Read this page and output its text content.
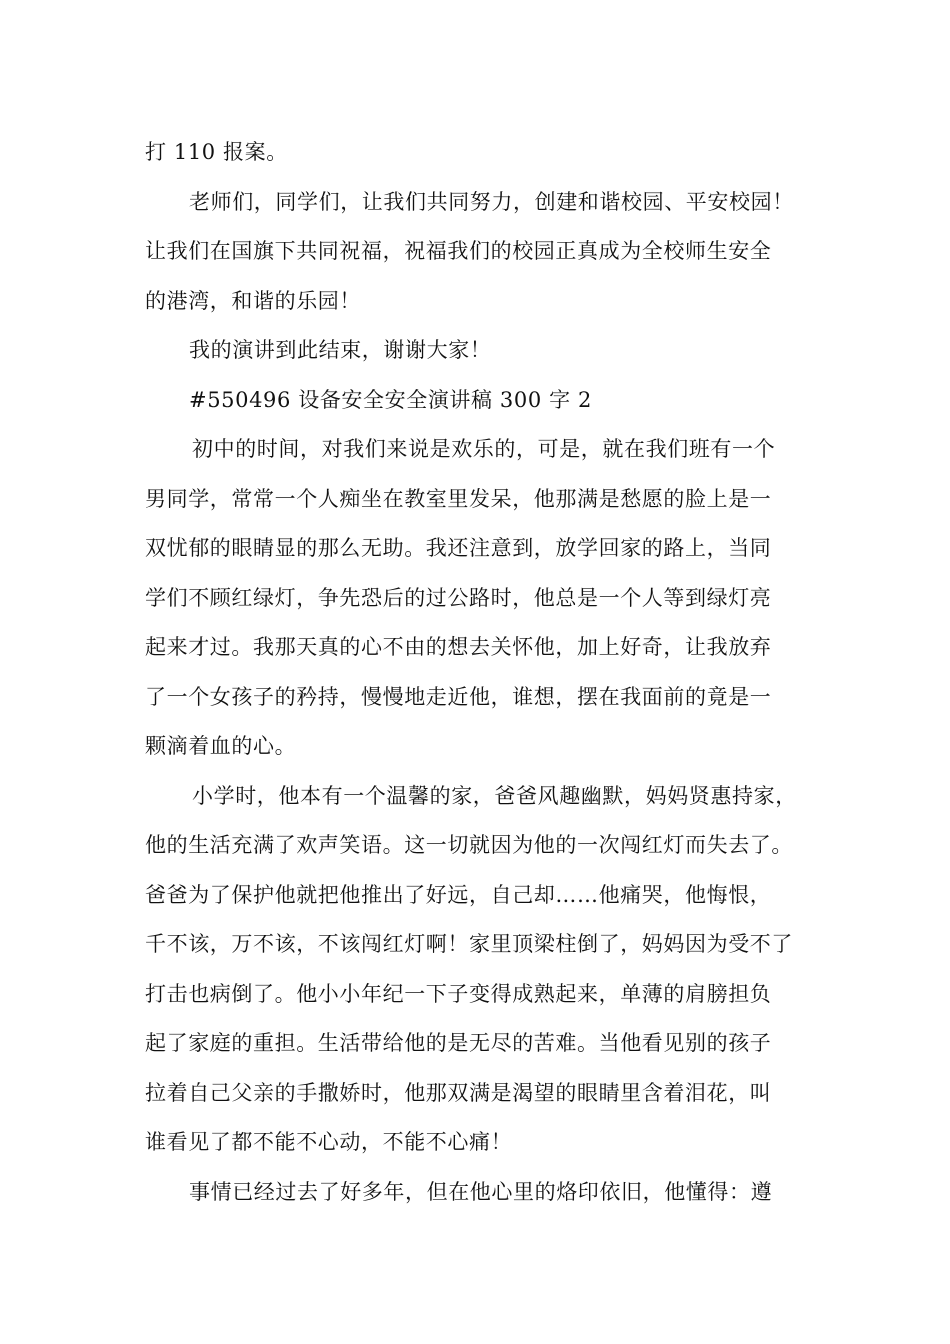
打 110 报案。
老师们，同学们，让我们共同努力，创建和谐校园、平安校园！
让我们在国旗下共同祝福，祝福我们的校园正真成为全校师生安全
的港湾，和谐的乐园！
我的演讲到此结束，谢谢大家！
#550496 设备安全安全演讲稿 300 字 2
初中的时间，对我们来说是欢乐的，可是，就在我们班有一个
男同学，常常一个人痴坐在教室里发呆，他那满是愁愿的脸上是一
双忧郁的眼睛显的那么无助。我还注意到，放学回家的路上，当同
学们不顾红绿灯，争先恐后的过公路时，他总是一个人等到绿灯亮
起来才过。我那天真的心不由的想去关怀他，加上好奇，让我放弃
了一个女孩子的矜持，慢慢地走近他，谁想，摆在我面前的竟是一
颗滴着血的心。
小学时，他本有一个温馨的家，爸爸风趣幽默，妈妈贤惠持家，
他的生活充满了欢声笑语。这一切就因为他的一次闯红灯而失去了。
爸爸为了保护他就把他推出了好远，自己却……他痛哭，他悔恨，
千不该，万不该，不该闯红灯啊！家里顶梁柱倒了，妈妈因为受不了
打击也病倒了。他小小年纪一下子变得成熟起来，单薄的肩膀担负
起了家庭的重担。生活带给他的是无尽的苦难。当他看见别的孩子
拉着自己父亲的手撒娇时，他那双满是渴望的眼睛里含着泪花，叫
谁看见了都不能不心动，不能不心痛！
事情已经过去了好多年，但在他心里的烙印依旧，他懂得：遵
